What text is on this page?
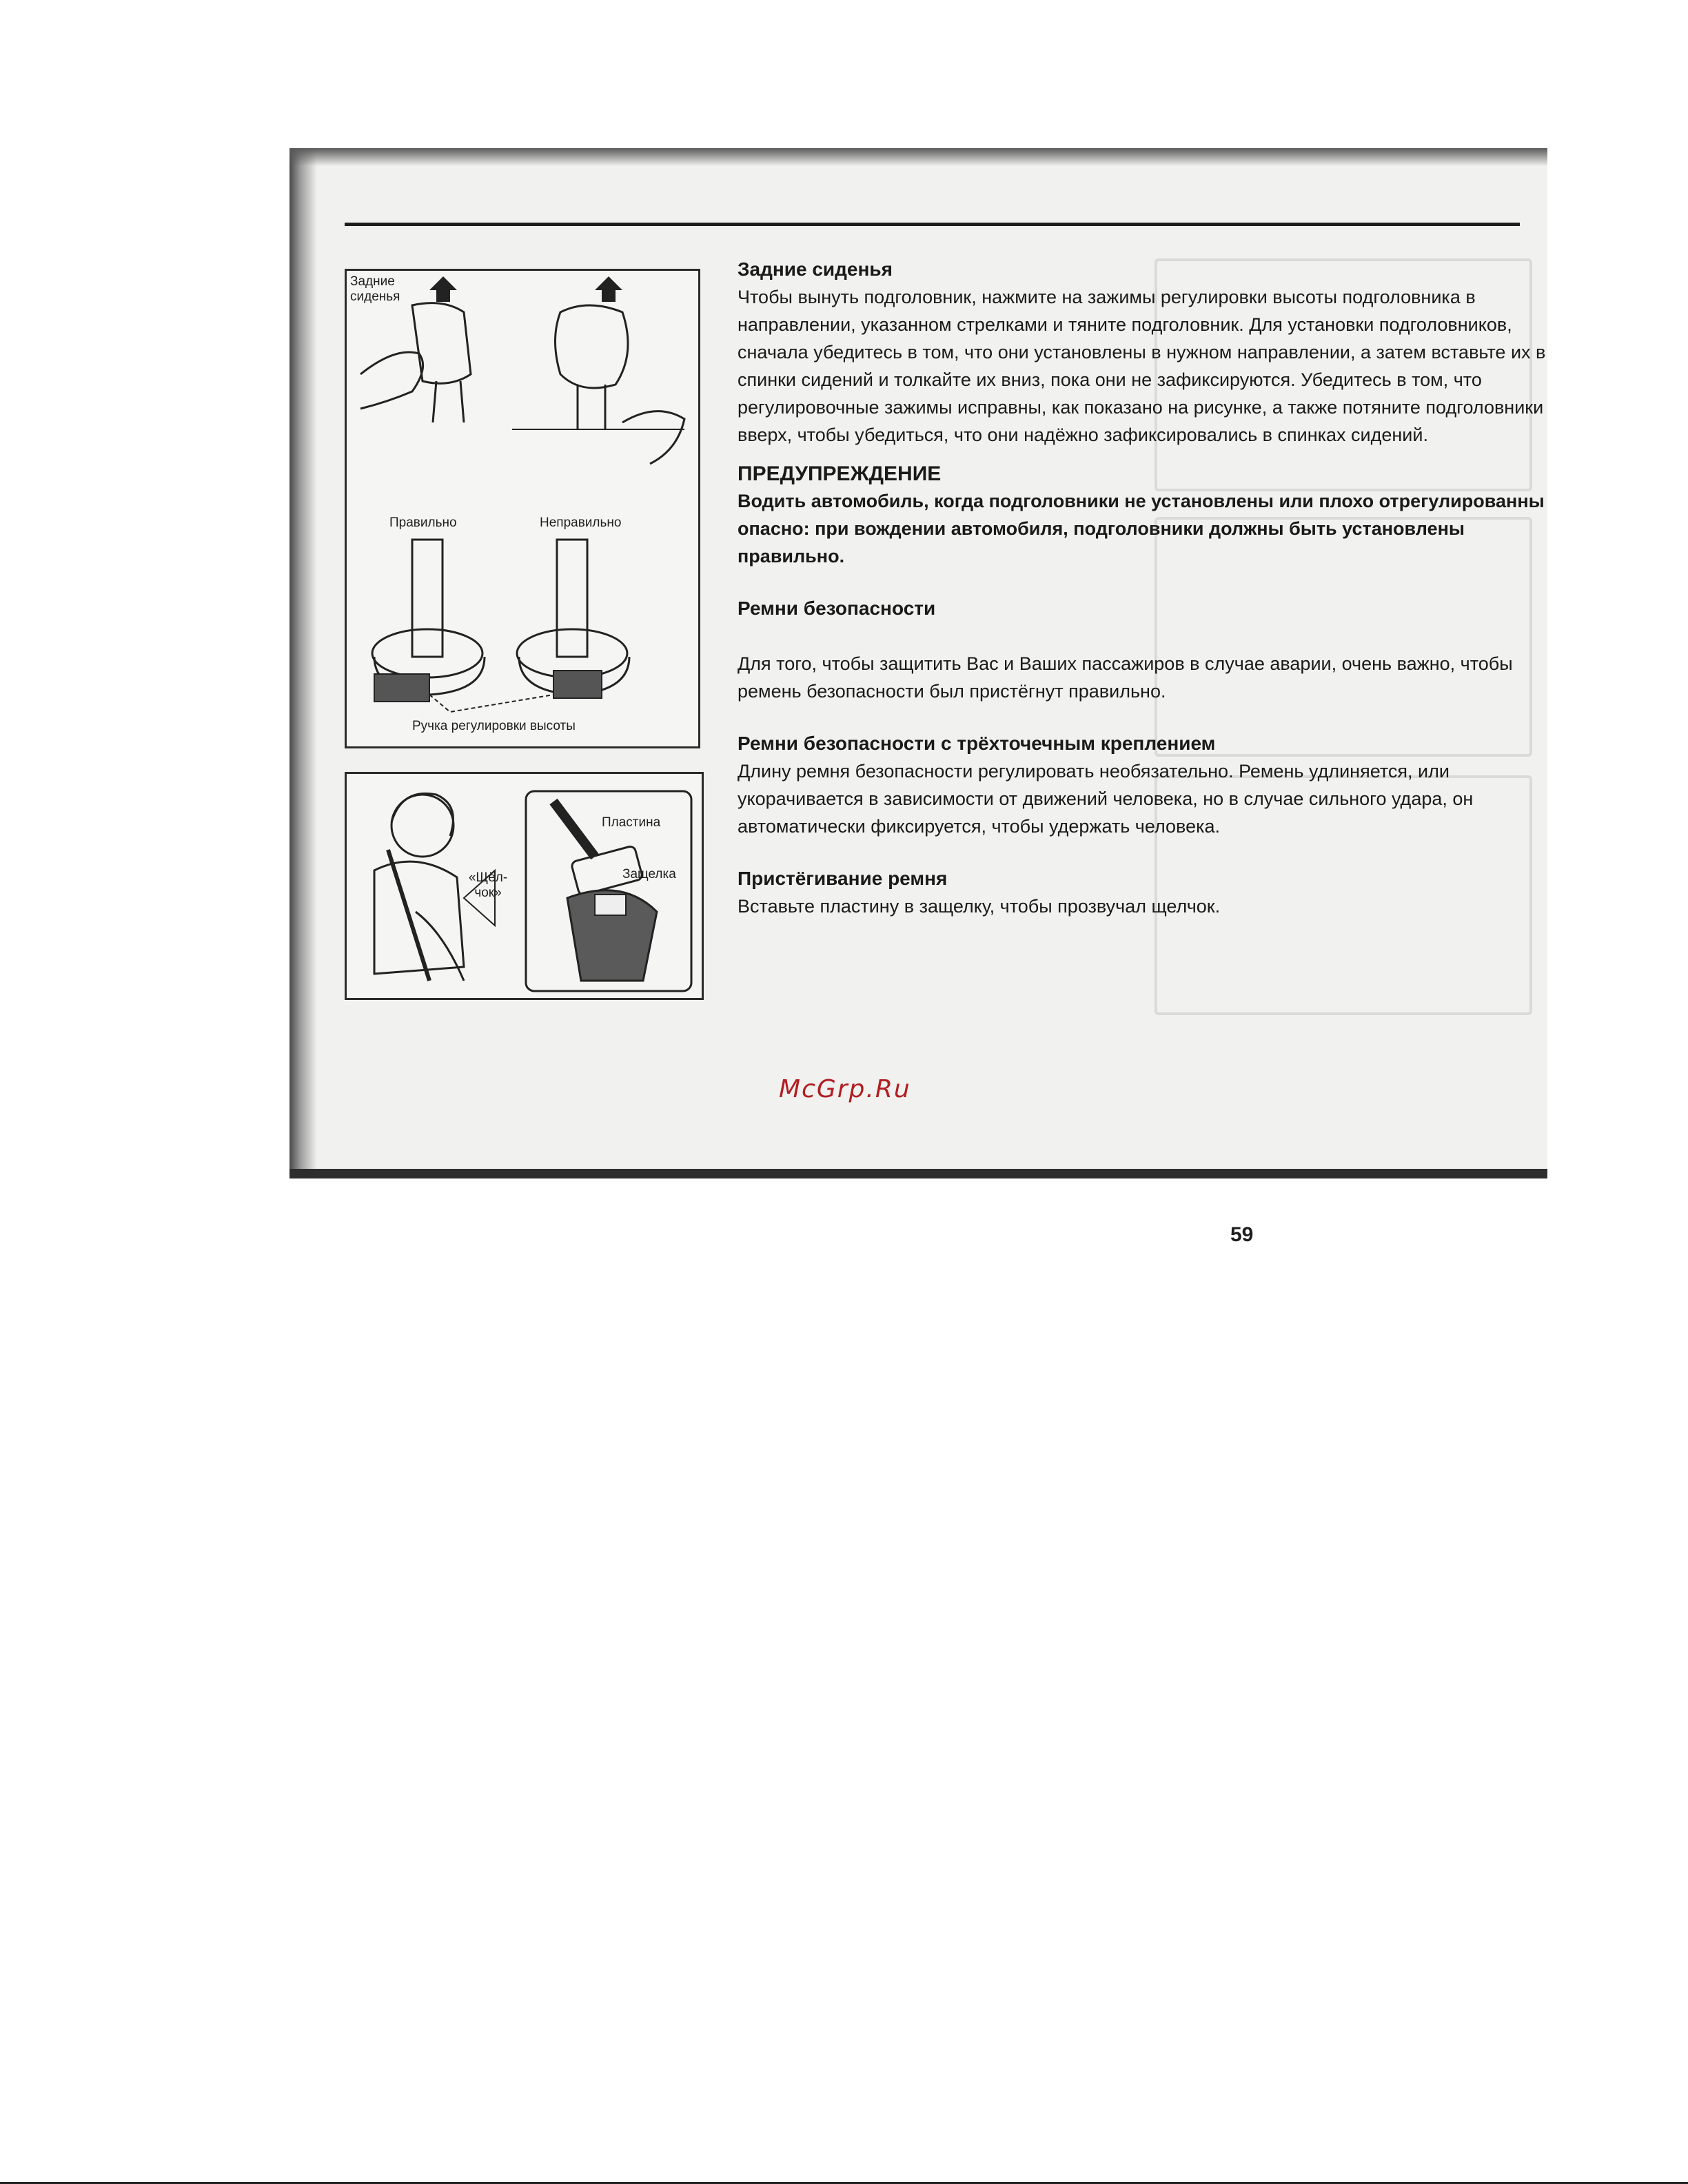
Задние сиденья
Правильно	Неправильно
Ручка регулировки высоты
«Щёл-чок»
Пластина
Защелка
Задние сиденья

Чтобы вынуть подголовник, нажмите на зажимы регулировки высоты подголовника в направлении, указанном стрелками и тяните подголовник. Для установки подголовников, сначала убедитесь в том, что они установлены в нужном направлении, а затем вставьте их в спинки сидений и толкайте их вниз, пока они не зафиксируются. Убедитесь в том, что регулировочные зажимы исправны, как показано на рисунке, а также потяните подголовники вверх, чтобы убедиться, что они надёжно зафиксировались в спинках сидений.

ПРЕДУПРЕЖДЕНИЕ

Водить автомобиль, когда подголовники не установлены или плохо отрегулированны опасно: при вождении автомобиля, подголовники должны быть установлены правильно.

Ремни безопасности

Для того, чтобы защитить Вас и Ваших пассажиров в случае аварии, очень важно, чтобы ремень безопасности был пристёгнут правильно.

Ремни безопасности с трёхточечным креплением

Длину ремня безопасности регулировать необязательно. Ремень удлиняется, или укорачивается в зависимости от движений человека, но в случае сильного удара, он автоматически фиксируется, чтобы удержать человека.

Пристёгивание ремня

Вставьте пластину в защелку, чтобы прозвучал щелчок.

59
McGrp.Ru
